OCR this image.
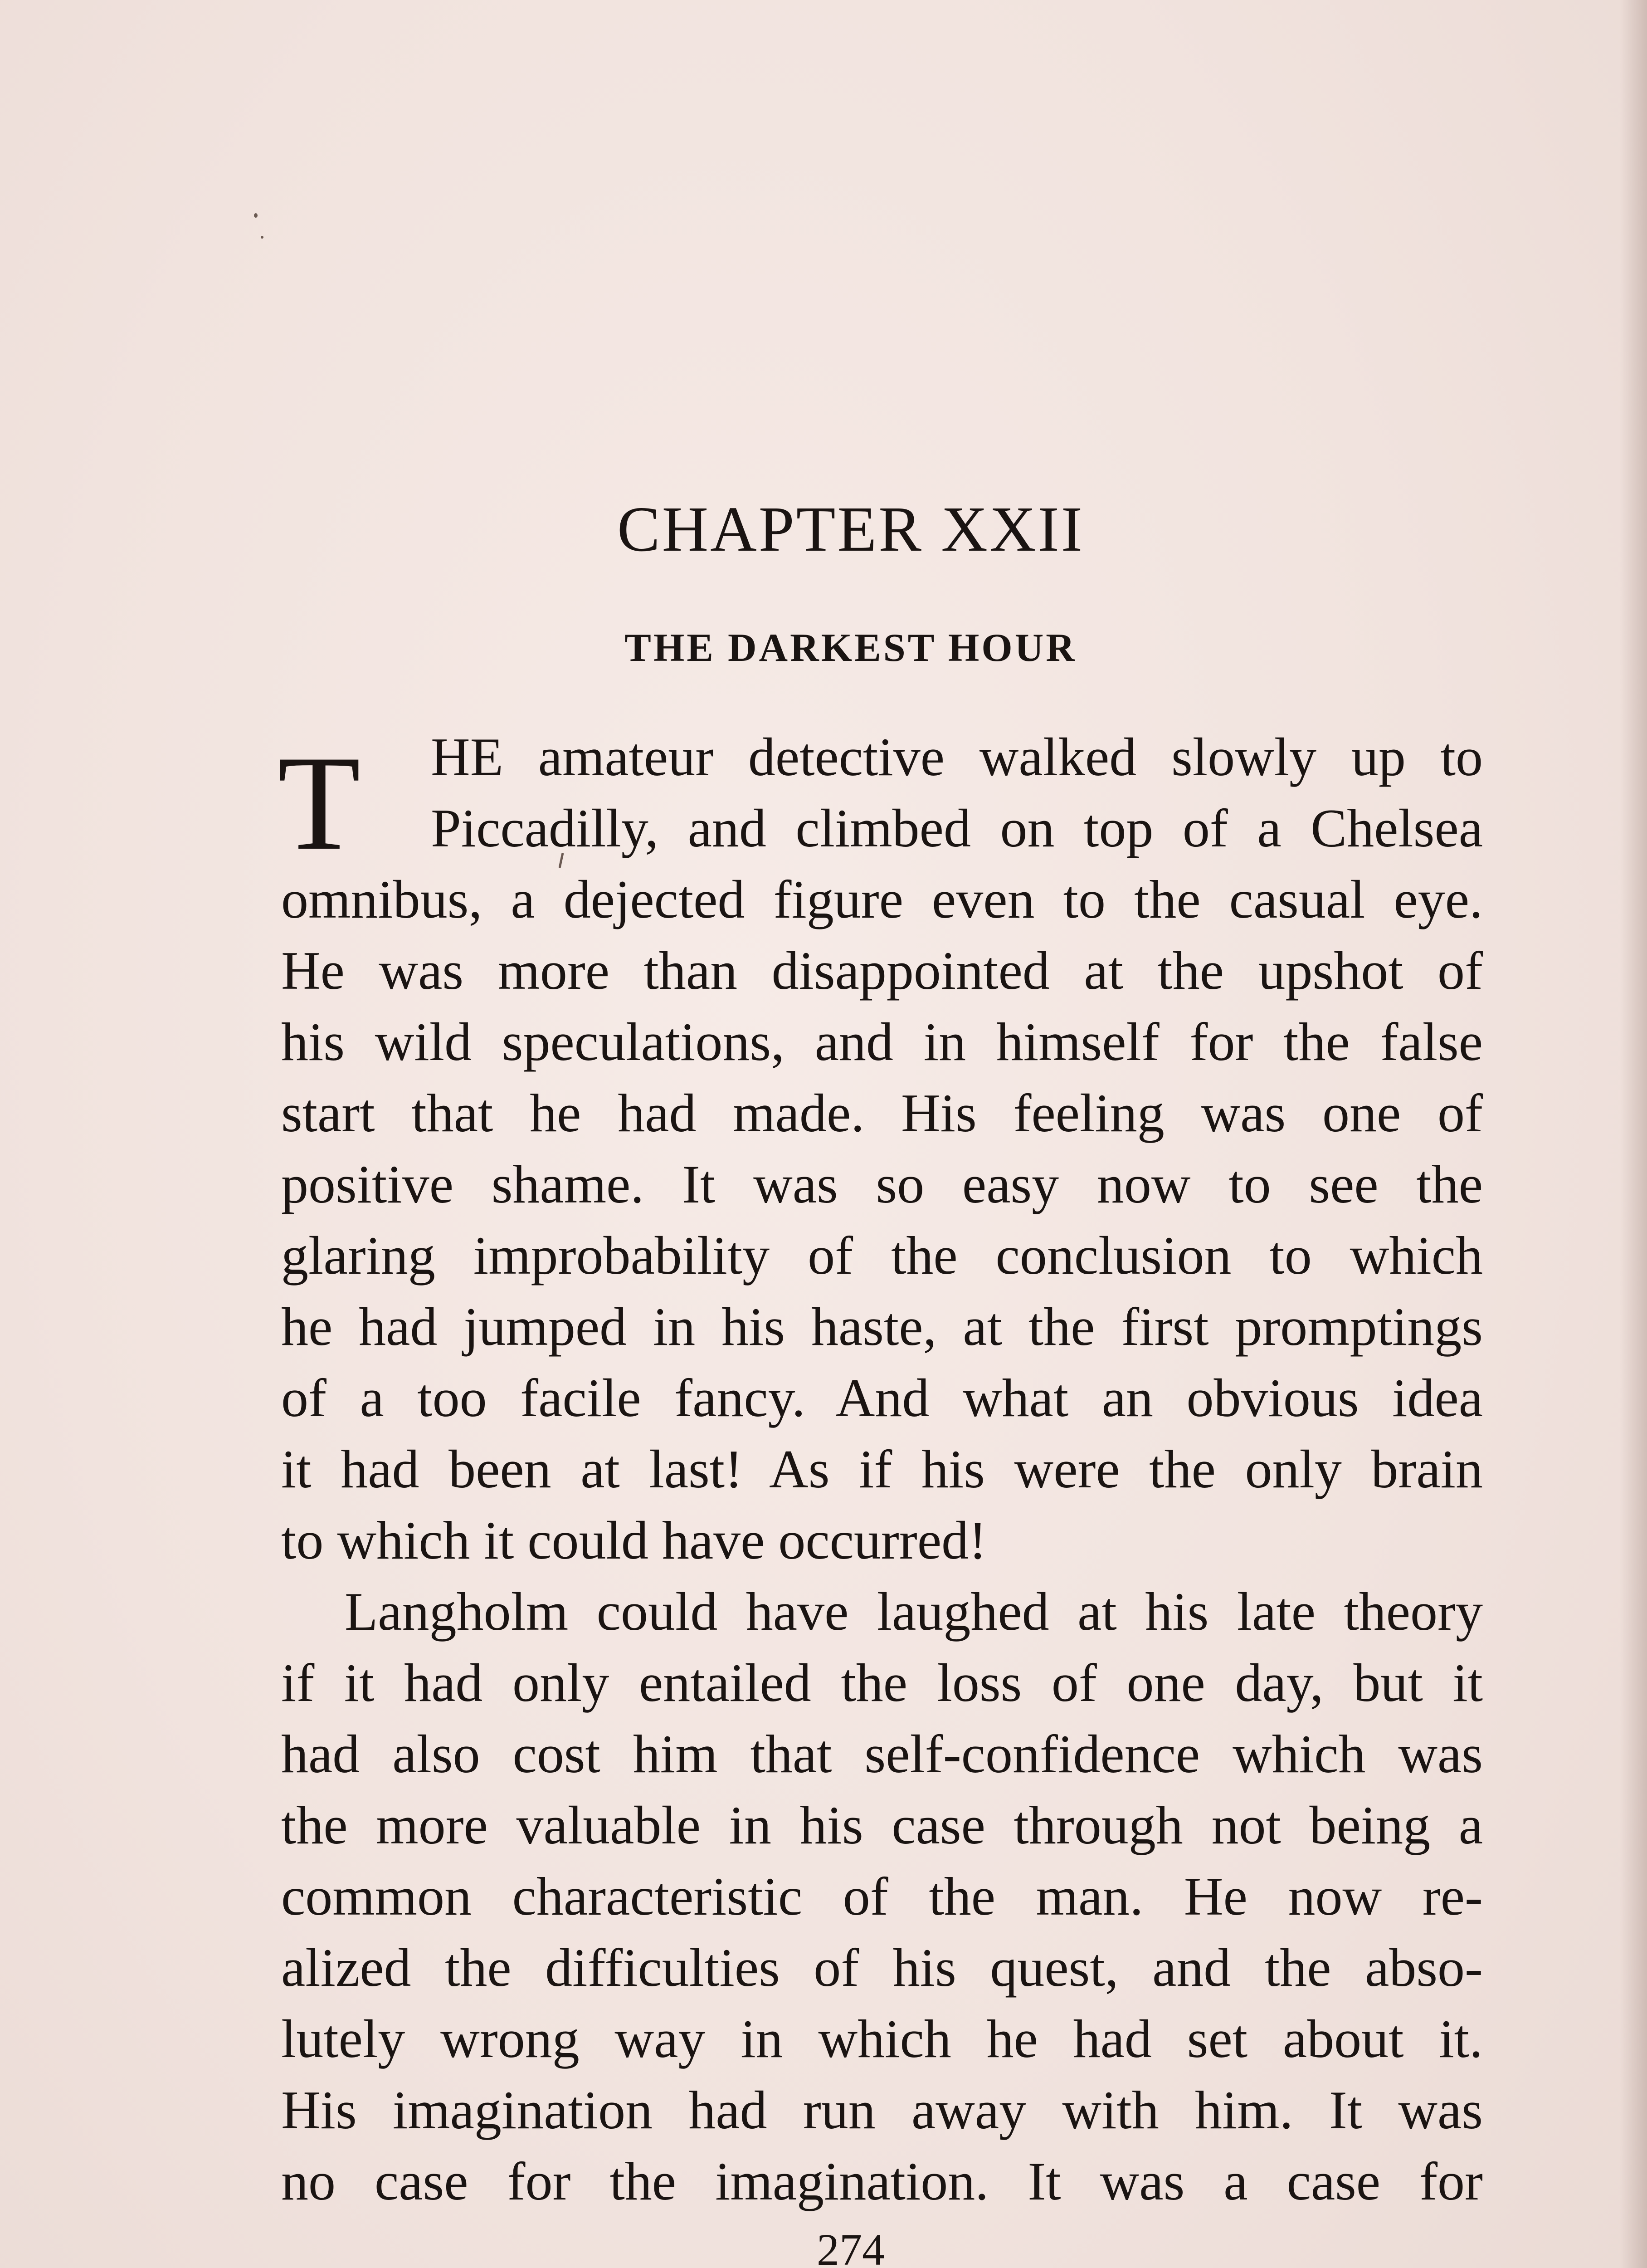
CHAPTER XXII
THE DARKEST HOUR
T	HE amateur detective walked slowly up to
Piccadilly, and climbed on top of a Chelsea
omnibus, a dejected figure even to the casual eye.
He was more than disappointed at the upshot of
his wild speculations, and in himself for the false
start that he had made. His feeling was one of
positive shame. It was so easy now to see the
glaring improbability of the conclusion to which
he had jumped in his haste, at the first promptings
of a too facile fancy. And what an obvious idea
it had been at last! As if his were the only brain
to which it could have occurred!
Langholm could have laughed at his late theory
if it had only entailed the loss of one day, but it
had also cost him that self-confidence which was
the more valuable in his case through not being a
common characteristic of the man. He now re-
alized the difficulties of his quest, and the abso-
lutely wrong way in which he had set about it.
His imagination had run away with him. It was
no case for the imagination. It was a case for
274
